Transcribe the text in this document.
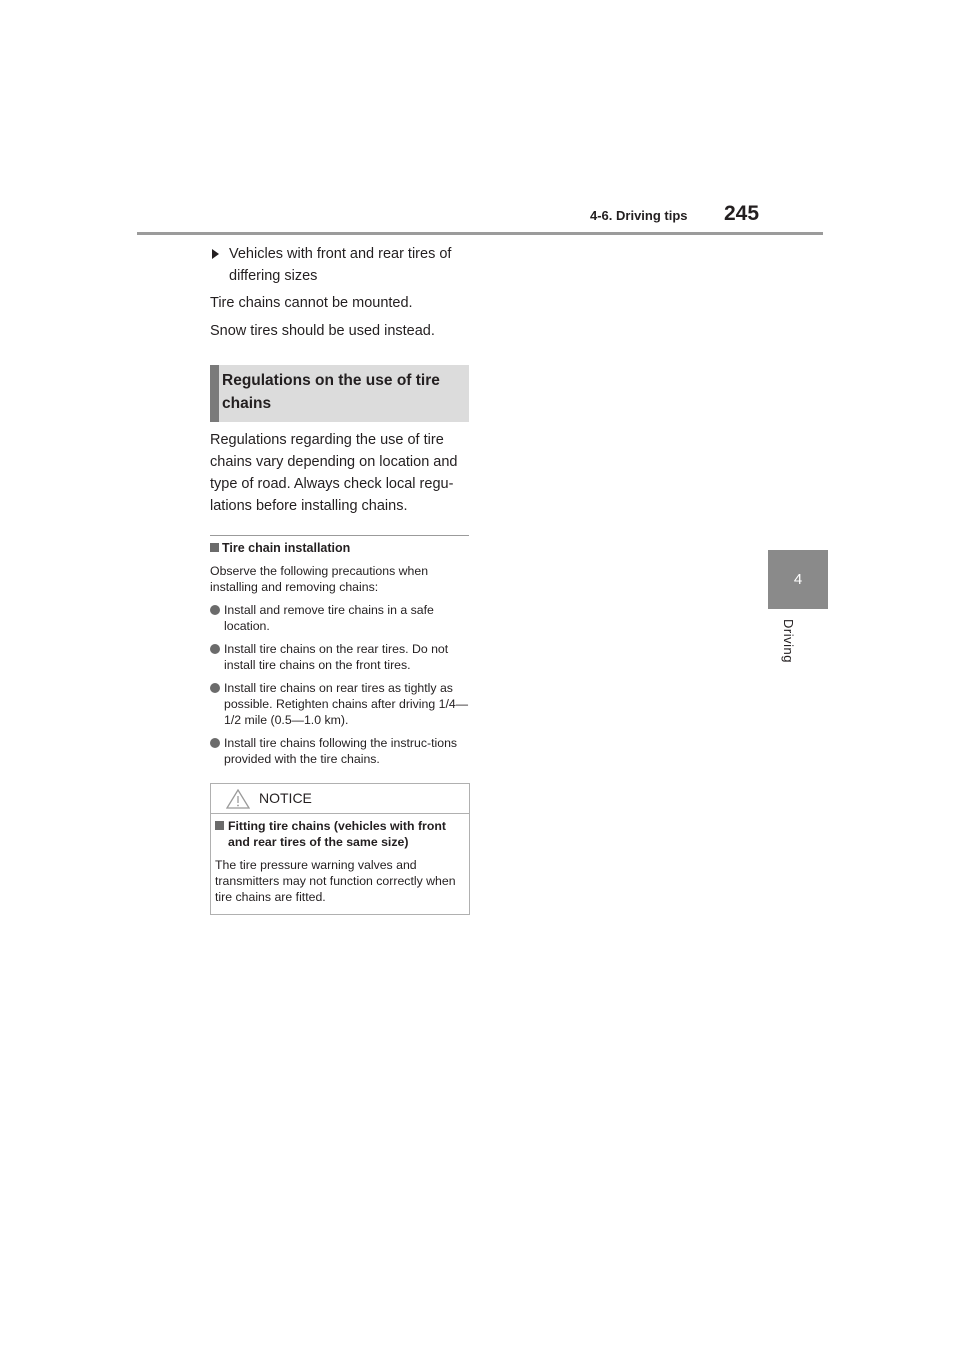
4-6. Driving tips 245
4
Driving
Vehicles with front and rear tires of differing sizes
Tire chains cannot be mounted.
Snow tires should be used instead.
Regulations on the use of tire chains
Regulations regarding the use of tire chains vary depending on location and type of road. Always check local regu-lations before installing chains.
Tire chain installation
Observe the following precautions when installing and removing chains:
Install and remove tire chains in a safe location.
Install tire chains on the rear tires. Do not install tire chains on the front tires.
Install tire chains on rear tires as tightly as possible. Retighten chains after driving 1/4—1/2 mile (0.5—1.0 km).
Install tire chains following the instruc-tions provided with the tire chains.
NOTICE
Fitting tire chains (vehicles with front and rear tires of the same size)
The tire pressure warning valves and transmitters may not function correctly when tire chains are fitted.
